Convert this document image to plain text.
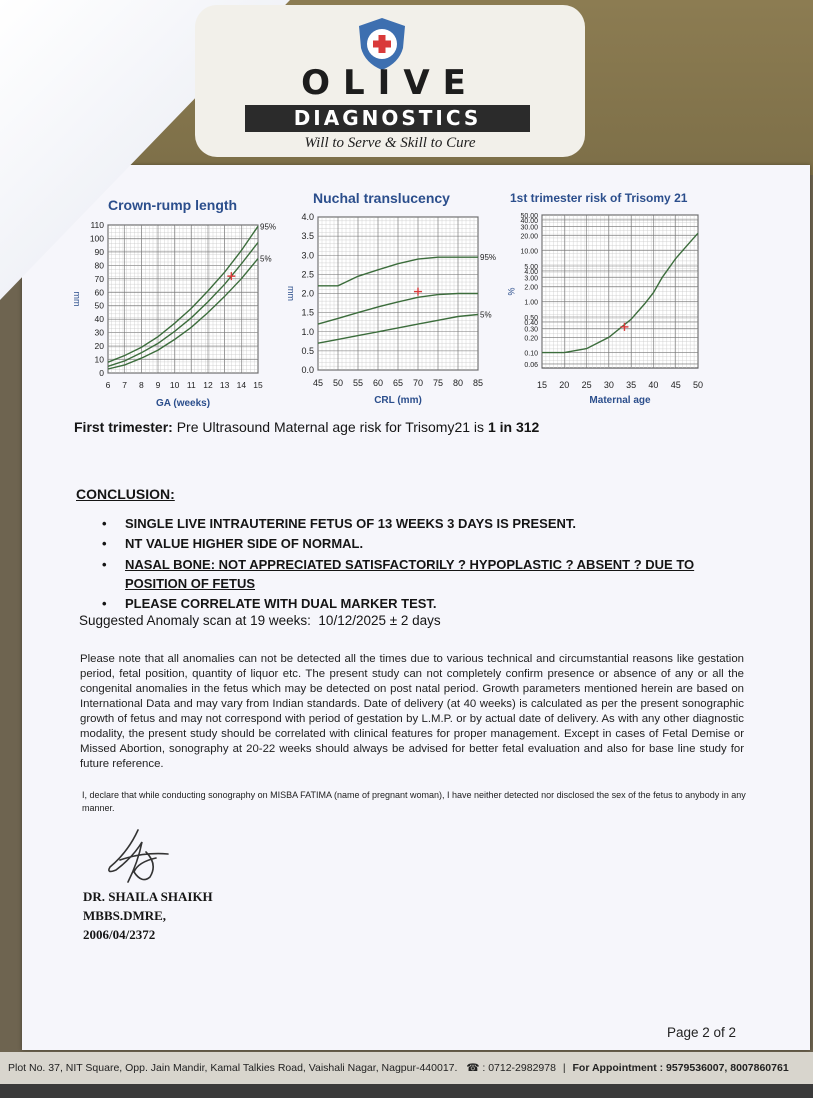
OLIVE
DIAGNOSTICS
Will to Serve & Skill to Cure
Crown-rump length	Nuchal translucency	1st trimester risk of Trisomy 21
6 7 8 9 10 11 12 13 14 15
0
10
20
30
40
50
60
70
80
90
100
110
GA (weeks)
mm
95%
5%
45 50 55 60 65 70 75 80 85
0.0
0.5
1.0
1.5
2.0
2.5
3.0
3.5
4.0
CRL (mm)
mm
95%
5%
15 20 25 30 35 40 45 50
0.06
0.10
0.20
0.30
0.40
0.50
1.00
2.00
3.00
4.00
5.00
10.00
20.00
30.00
40.00
50.00
Maternal age
%
First trimester: Pre Ultrasound Maternal age risk for Trisomy21 is 1 in 312
CONCLUSION:
• SINGLE LIVE INTRAUTERINE FETUS OF 13 WEEKS 3 DAYS IS PRESENT.
• NT VALUE HIGHER SIDE OF NORMAL.
• NASAL BONE: NOT APPRECIATED SATISFACTORILY ? HYPOPLASTIC ? ABSENT ? DUE TO POSITION OF FETUS
• PLEASE CORRELATE WITH DUAL MARKER TEST.
Suggested Anomaly scan at 19 weeks: 10/12/2025 ± 2 days
Please note that all anomalies can not be detected all the times due to various technical and circumstantial reasons like gestation period, fetal position, quantity of liquor etc. The present study can not completely confirm presence or absence of any or all the congenital anomalies in the fetus which may be detected on post natal period. Growth parameters mentioned herein are based on International Data and may vary from Indian standards. Date of delivery (at 40 weeks) is calculated as per the present sonographic growth of fetus and may not correspond with period of gestation by L.M.P. or by actual date of delivery. As with any other diagnostic modality, the present study should be correlated with clinical features for proper management. Except in cases of Fetal Demise or Missed Abortion, sonography at 20-22 weeks should always be advised for better fetal evaluation and also for base line study for future reference.
I, declare that while conducting sonography on MISBA FATIMA (name of pregnant woman), I have neither detected nor disclosed the sex of the fetus to anybody in any manner.
DR. SHAILA SHAIKH
MBBS.DMRE,
2006/04/2372
Page 2 of 2
Plot No. 37, NIT Square, Opp. Jain Mandir, Kamal Talkies Road, Vaishali Nagar, Nagpur-440017. ☎ : 0712-2982978 | For Appointment : 9579536007, 8007860761
